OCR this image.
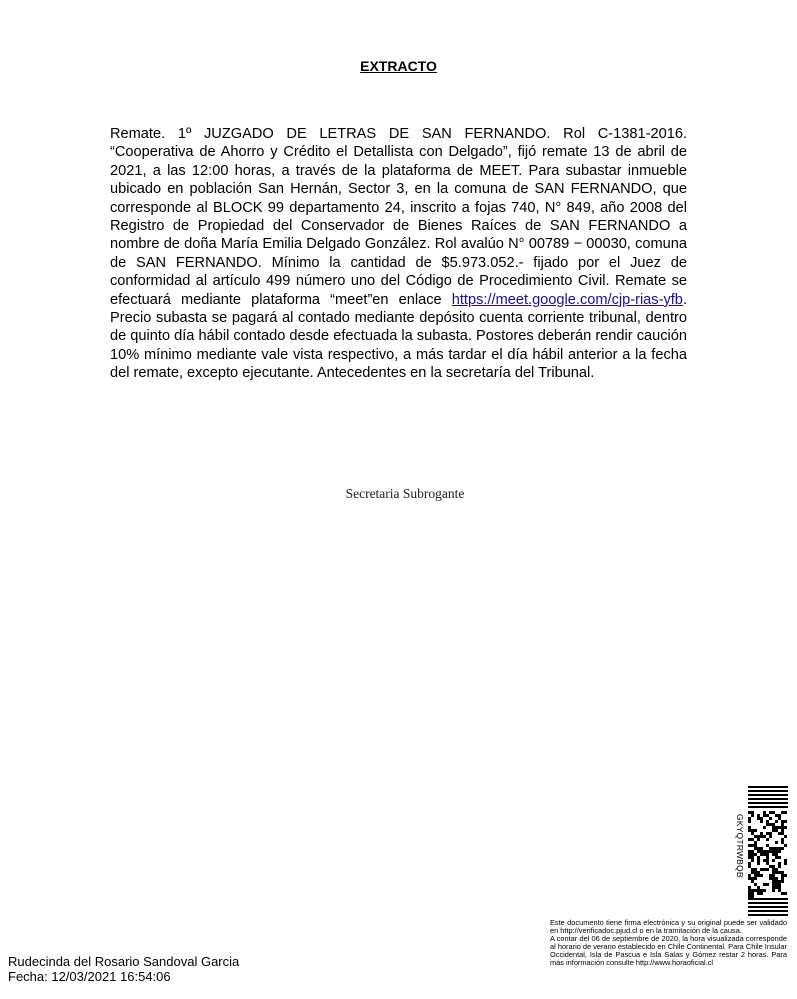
EXTRACTO
Remate. 1º JUZGADO DE LETRAS DE SAN FERNANDO. Rol C-1381-2016. “Cooperativa de Ahorro y Crédito el Detallista con Delgado”, fijó remate 13 de abril de 2021, a las 12:00 horas, a través de la plataforma de MEET. Para subastar inmueble ubicado en población San Hernán, Sector 3, en la comuna de SAN FERNANDO, que corresponde al BLOCK 99 departamento 24, inscrito a fojas 740, N° 849, año 2008 del Registro de Propiedad del Conservador de Bienes Raíces de SAN FERNANDO a nombre de doña María Emilia Delgado González. Rol avalúo N° 00789 − 00030, comuna de SAN FERNANDO. Mínimo la cantidad de $5.973.052.- fijado por el Juez de conformidad al artículo 499 número uno del Código de Procedimiento Civil. Remate se efectuará mediante plataforma “meet”en enlace https://meet.google.com/cjp-rias-yfb. Precio subasta se pagará al contado mediante depósito cuenta corriente tribunal, dentro de quinto día hábil contado desde efectuada la subasta. Postores deberán rendir caución 10% mínimo mediante vale vista respectivo, a más tardar el día hábil anterior a la fecha del remate, excepto ejecutante. Antecedentes en la secretaría del Tribunal.
Secretaria Subrogante
GKYQTRWBQB
Rudecinda del Rosario Sandoval Garcia
Fecha: 12/03/2021 16:54:06

Este documento tiene firma electrónica y su original puede ser validado en http://verificadoc.pjud.cl o en la tramitación de la causa.

A contar del 06 de septiembre de 2020, la hora visualizada corresponde al horario de verano establecido en Chile Continental. Para Chile Insular Occidental, Isla de Pascua e Isla Salas y Gómez restar 2 horas. Para más información consulte http://www.horaoficial.cl
